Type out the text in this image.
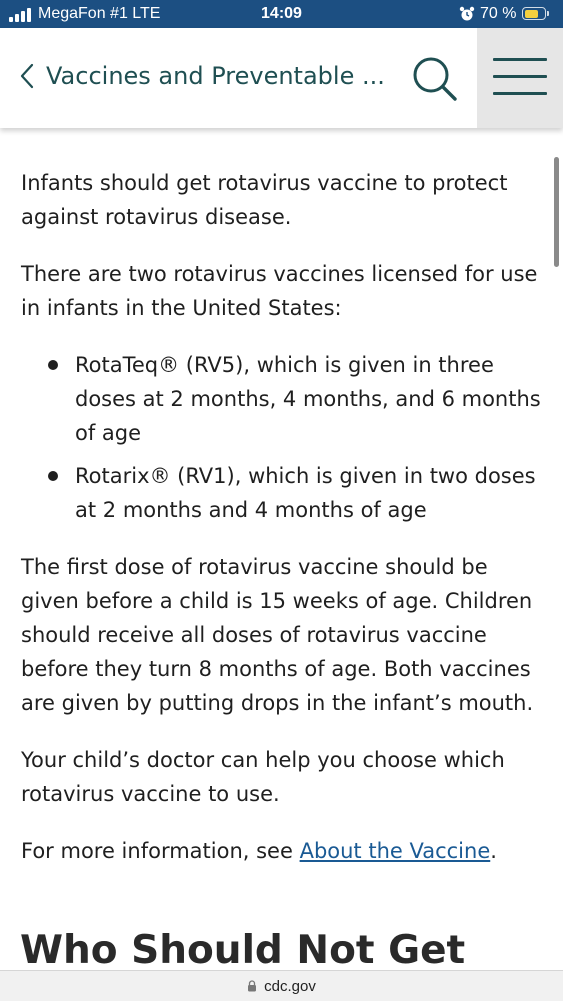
Infants should get rotavirus vaccine to protect against rotavirus disease.

There are two rotavirus vaccines licensed for use in infants in the United States:

RotaTeq® (RV5), which is given in three doses at 2 months, 4 months, and 6 months of age
Rotarix® (RV1), which is given in two doses at 2 months and 4 months of age

The first dose of rotavirus vaccine should be given before a child is 15 weeks of age. Children should receive all doses of rotavirus vaccine before they turn 8 months of age. Both vaccines are given by putting drops in the infant’s mouth.

Your child’s doctor can help you choose which rotavirus vaccine to use.

For more information, see About the Vaccine.

Who Should Not Get
MegaFon #1 LTE	14:09	70 %
Vaccines and Preventable ...
cdc.gov
